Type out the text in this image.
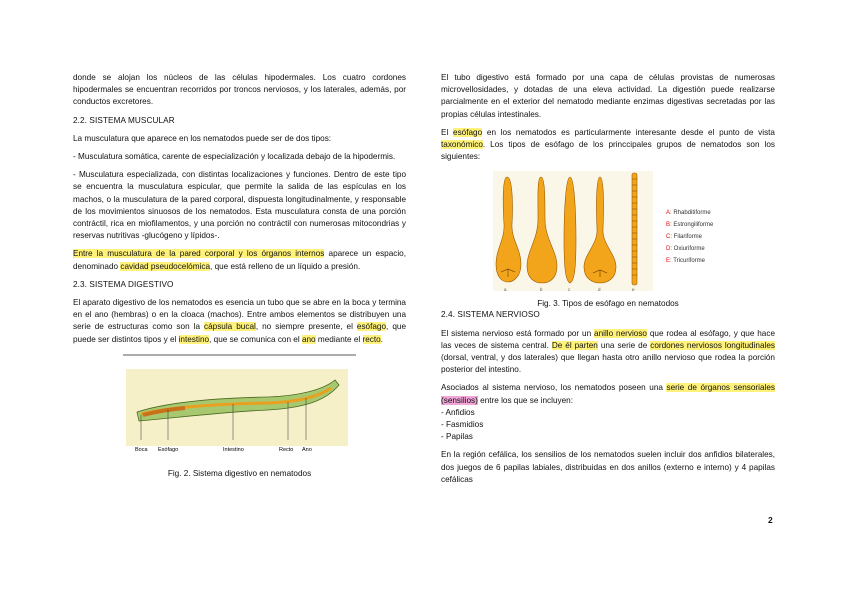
donde se alojan los núcleos de las células hipodermales. Los cuatro cordones hipodermales se encuentran recorridos por troncos nerviosos, y los laterales, además, por conductos excretores.

2.2. SISTEMA MUSCULAR

La musculatura que aparece en los nematodos puede ser de dos tipos:

- Musculatura somática, carente de especialización y localizada debajo de la hipodermis.

- Musculatura especializada, con distintas localizaciones y funciones. Dentro de este tipo se encuentra la musculatura espicular, que permite la salida de las espículas en los machos, o la musculatura de la pared corporal, dispuesta longitudinalmente, y responsable de los movimientos sinuosos de los nematodos. Esta musculatura consta de una porción contráctil, rica en miofilamentos, y una porción no contráctil con numerosas mitocondrias y reservas nutritivas -glucógeno y lípidos-.

Entre la musculatura de la pared corporal y los órganos internos aparece un espacio, denominado cavidad pseudocelómica, que está relleno de un líquido a presión.

2.3. SISTEMA DIGESTIVO

El aparato digestivo de los nematodos es esencia un tubo que se abre en la boca y termina en el ano (hembras) o en la cloaca (machos). Entre ambos elementos se distribuyen una serie de estructuras como son la cápsula bucal, no siempre presente, el esófago, que puede ser distintos tipos y el intestino, que se comunica con el ano mediante el recto.

Boca Esófago	Intestino	Recto Ano
Fig. 2. Sistema digestivo en nematodos

El tubo digestivo está formado por una capa de células provistas de numerosas microvellosidades, y dotadas de una eleva actividad. La digestión puede realizarse parcialmente en el exterior del nematodo mediante enzimas digestivas secretadas por las propias células intestinales.

El esófago en los nematodos es particularmente interesante desde el punto de vista taxonómico. Los tipos de esófago de los princcipales grupos de nematodos son los siguientes:

a	b	c	d	e
A: Rhabditiforme
B: Estrongiliforme
C: Filariforme
D: Oxiuriforme
E: Tricuriforme
Fig. 3. Tipos de esófago en nematodos
2.4. SISTEMA NERVIOSO

El sistema nervioso está formado por un anillo nervioso que rodea al esófago, y que hace las veces de sistema central. De él parten una serie de cordones nerviosos longitudinales (dorsal, ventral, y dos laterales) que llegan hasta otro anillo nervioso que rodea la porción posterior del intestino.

Asociados al sistema nervioso, los nematodos poseen una serie de órganos sensoriales (sensilios) entre los que se incluyen:

- Anfidios
- Fasmidios
- Papilas

En la región cefálica, los sensilios de los nematodos suelen incluir dos anfidios bilaterales, dos juegos de 6 papilas labiales, distribuidas en dos anillos (externo e interno) y 4 papilas cefálicas

2
